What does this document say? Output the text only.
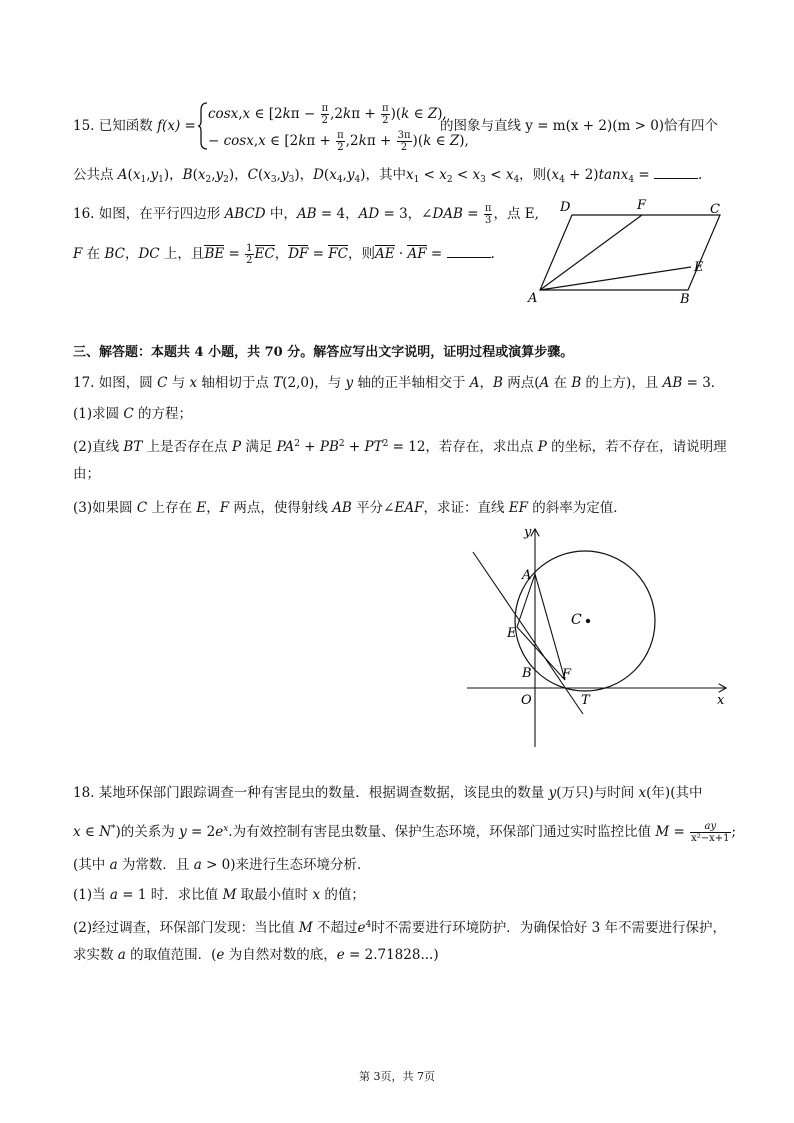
15. 已知函数 f(x) =
cosx,x ∈ $[2k\pi - \frac{\pi}{2} ,2k\pi + \frac{\pi}{2} )(k$ ∈ Z),
− cosx,x ∈ $[2k\pi + \frac{\pi}{2} ,2k\pi + \frac{3\pi}{2} )(k$ ∈ Z),
的图象与直线 y = m(x + 2)(m > 0)恰有四个
公共点 $A(x_1,y_1)$，$B(x_2,y_2)$，$C(x_3,y_3)$，$D(x_4,y_4)$，其中$x_1 < x_2 < x_3 < x_4$，则$(x_4 + 2)\tan x_4$ =	.
16. 如图，在平行四边形 ABCD 中，AB = 4，AD = 3，∠DAB = $\frac{\pi}{3}$ ，点 E,
F 在 BC，DC 上，且BE = $\frac{1}{2}$ EC，DF = FC，则AE · AF =	.
D	F	C
E
A	B
三、解答题：本题共 4 小题，共 70 分。解答应写出文字说明，证明过程或演算步骤。
17. 如图，圆 C 与 x 轴相切于点 T(2,0)，与 y 轴的正半轴相交于 A，B 两点(A 在 B 的上方)，且 AB = 3．
(1)求圆 C 的方程；
(2)直线 BT 上是否存在点 P 满足 $PA^2 + PB^2 + PT^2 = 12$，若存在，求出点 P 的坐标，若不存在，请说明理
由；
(3)如果圆 C 上存在 E，F 两点，使得射线 AB 平分∠EAF，求证：直线 EF 的斜率为定值．
y
A
C
E
B F
O	T	x
18. 某地环保部门跟踪调查一种有害昆虫的数量．根据调查数据，该昆虫的数量 y(万只)与时间 x(年)(其中
x ∈ N*)的关系为 $y = 2e^x$.为有效控制有害昆虫数量、保护生态环境，环保部门通过实时监控比值 $M = \frac{ay}{\text{x²−x+1}}$ ;
(其中 a 为常数．且 a > 0)来进行生态环境分析．
(1)当 a = 1 时．求比值 M 取最小值时 x 的值；
(2)经过调查，环保部门发现：当比值 M 不超过$e^4$时不需要进行环境防护．为确保恰好 3 年不需要进行保护，
求实数 a 的取值范围．(e 为自然对数的底，e = 2.71828...)
第 3页，共 7页
